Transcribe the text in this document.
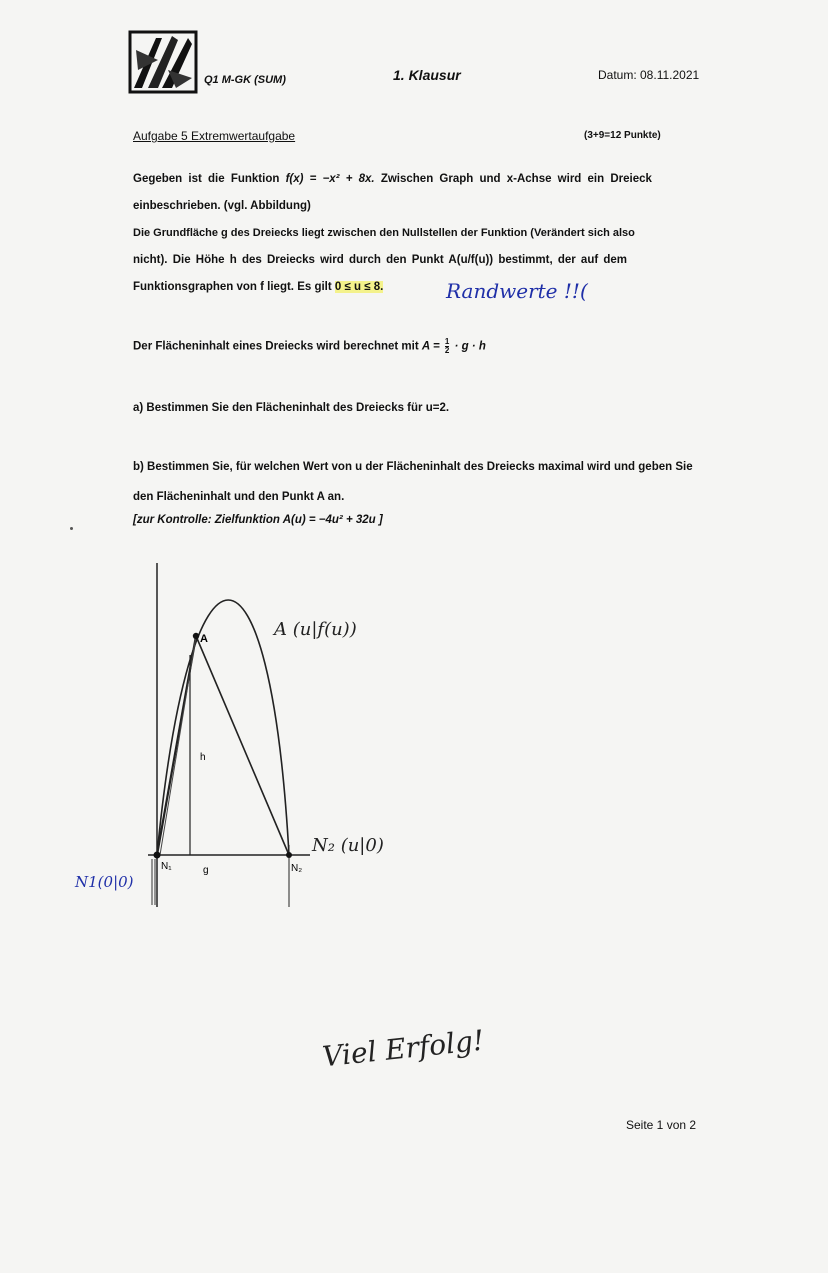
Q1 M-GK (SUM)	1. Klausur	Datum: 08.11.2021
Aufgabe 5 Extremwertaufgabe	(3+9=12 Punkte)
Gegeben ist die Funktion f(x) = −x² + 8x. Zwischen Graph und x-Achse wird ein Dreieck
einbeschrieben. (vgl. Abbildung)
Die Grundfläche g des Dreiecks liegt zwischen den Nullstellen der Funktion (Verändert sich also
nicht). Die Höhe h des Dreiecks wird durch den Punkt A(u/f(u)) bestimmt, der auf dem
Funktionsgraphen von f liegt. Es gilt 0 ≤ u ≤ 8.	Randwerte !!(
Der Flächeninhalt eines Dreiecks wird berechnet mit $A = \frac{1}{2} \cdot g \cdot h$
a) Bestimmen Sie den Flächeninhalt des Dreiecks für u=2.
b) Bestimmen Sie, für welchen Wert von u der Flächeninhalt des Dreiecks maximal wird und geben Sie
den Flächeninhalt und den Punkt A an.
[zur Kontrolle: Zielfunktion A(u) = −4u² + 32u ]
A
h
g
N₁	N₂
A (u|f(u))
N1(0|0)
N₂ (u|0)
Viel Erfolg!
Seite 1 von 2
